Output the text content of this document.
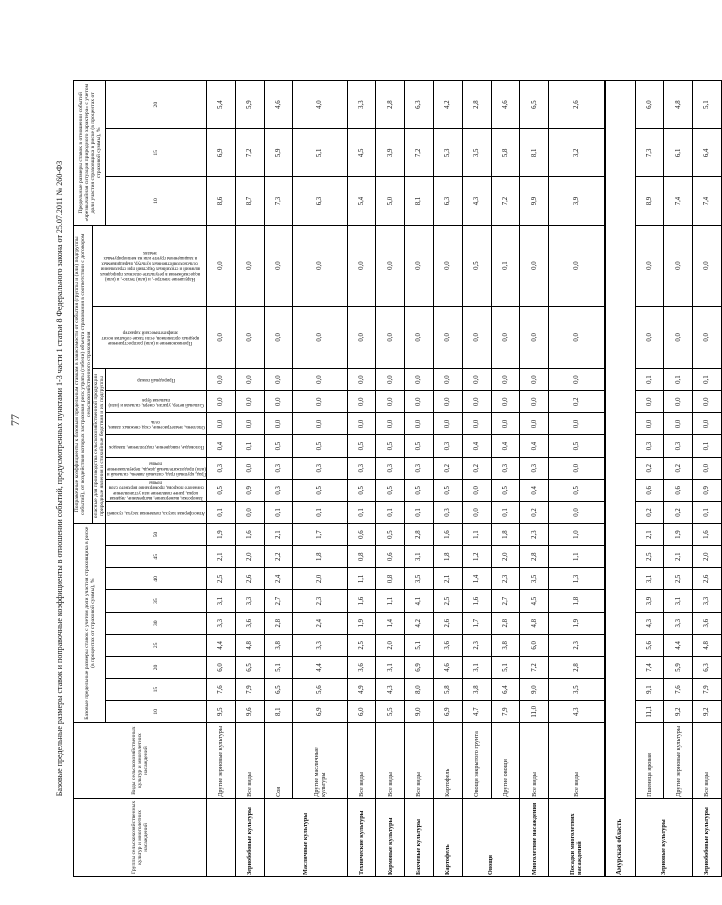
77	Базовые предельные размеры ставок и поправочные коэффициенты в отношении событий, предусмотренных пунктами 1-3 части 1 статьи 8 Федерального закона от 25.07.2011 № 260-ФЗ
Группы сельскохозяйственных культур и многолетних насаждений	Виды сельскохозяйственных культур и многолетних насаждений	Базовые предельные размеры ставок с учетом доли участия страховщика в риске (в процентах от страховой суммы), %									Поправочные коэффициенты к базовым предельным ставкам в зависимости от события (группы и (или) подгруппы событий), от воздействия которых застрахован риск утраты (гибели) объекта страхования в соответствии с договором сельскохозяйственного страхования									Предельные размеры ставок в отношении событий «чрезвычайная ситуация природного характера» с учетом доли участия страховщика в риске (в процентах от страховой суммы), %		
											опасные для производства сельскохозяйственной продукции природные явления и стихийные бедствия и их подгруппы							Проникновение и (или) распространение вредных организмов, если такие события носят эпифитотический характер	Нарушение электро-, и (или) тепло-, и (или) водоснабжения в результате опасных природных явлений и стихийных бедствий при страховании сельскохозяйственных культур, выращиваемых в защищенном грунте или на мелиорируемых землях			

											Атмосферная засуха, почвенная засуха, суховей	Заморозки, вымерзание, выпревание, ледяная корка, ранее появление или установление снежного покрова, промерзание верхнего слоя почвы	Град, крупный град, сильный ливень, сильный и (или) продолжительный дождь, переувлажнение почвы	Половодье, наводнение, подтопление, паводок	Оползень, землетрясение, сход снежных лавин, сель	Сильный ветер, ураган, смерч, сильная и (или) пыльная буря	Природный пожар					

		10	15	20	25	30	35	40	45	50										10	15	20
	Другие зерновые культуры	9,5	7,6	6,0	4,4	3,3	3,1	2,5	2,1	1,9	0,1	0,5	0,3	0,4	0,0	0,0	0,0	0,0	0,0	8,6	6,9	5,4
Зернобобовые культуры	Все виды	9,6	7,9	6,5	4,8	3,6	3,3	2,6	2,0	1,6	0,0	0,9	0,0	0,1	0,0	0,0	0,0	0,0	0,0	8,7	7,2	5,9
Масличные культуры	Соя	8,1	6,5	5,1	3,8	2,8	2,7	2,4	2,2	2,1	0,1	0,3	0,3	0,5	0,0	0,0	0,0	0,0	0,0	7,3	5,9	4,6
	Другие масличные культуры	6,9	5,6	4,4	3,3	2,4	2,3	2,0	1,8	1,7	0,1	0,5	0,3	0,5	0,0	0,0	0,0	0,0	0,0	6,3	5,1	4,0
Технические культуры	Все виды	6,0	4,9	3,6	2,5	1,9	1,6	1,1	0,8	0,6	0,1	0,5	0,3	0,5	0,0	0,0	0,0	0,0	0,0	5,4	4,5	3,3
Кормовые культуры	Все виды	5,5	4,3	3,1	2,0	1,4	1,1	0,8	0,6	0,5	0,1	0,5	0,3	0,5	0,0	0,0	0,0	0,0	0,0	5,0	3,9	2,8
Бахчевые культуры	Все виды	9,0	8,0	6,9	5,1	4,2	4,1	3,5	3,1	2,8	0,1	0,5	0,3	0,5	0,0	0,0	0,0	0,0	0,0	8,1	7,2	6,3
Картофель	Картофель	6,9	5,8	4,6	3,6	2,6	2,5	2,1	1,8	1,6	0,3	0,5	0,2	0,3	0,0	0,0	0,0	0,0	0,0	6,3	5,3	4,2
Овощи	Овощи закрытого грунта	4,7	3,8	3,1	2,3	1,7	1,6	1,4	1,2	1,1	0,0	0,0	0,2	0,4	0,0	0,0	0,0	0,0	0,5	4,3	3,5	2,8
	Другие овощи	7,9	6,4	5,1	3,8	2,8	2,7	2,3	2,0	1,8	0,1	0,5	0,3	0,4	0,0	0,0	0,0	0,0	0,1	7,2	5,8	4,6
Многолетние насаждения	Все виды	11,0	9,0	7,2	6,0	4,8	4,5	3,5	2,8	2,3	0,2	0,4	0,3	0,4	0,0	0,0	0,0	0,0	0,0	9,9	8,1	6,5
Посадки многолетних насаждений	Все виды	4,3	3,5	2,8	2,3	1,9	1,8	1,3	1,1	1,0	0,0	0,5	0,0	0,5	0,0	0,2	0,0	0,0	0,0	3,9	3,2	2,6
Амурская область																						
Зерновые культуры	Пшеница яровая	11,1	9,1	7,4	5,6	4,3	3,9	3,1	2,5	2,1	0,2	0,6	0,2	0,3	0,0	0,0	0,1	0,0	0,0	8,9	7,3	6,0
	Другие зерновые культуры	9,2	7,6	5,9	4,4	3,3	3,1	2,5	2,1	1,9	0,2	0,6	0,2	0,3	0,0	0,0	0,1	0,0	0,0	7,4	6,1	4,8
Зернобобовые культуры	Все виды	9,2	7,9	6,3	4,8	3,6	3,3	2,6	2,0	1,6	0,1	0,9	0,0	0,1	0,0	0,0	0,1	0,0	0,0	7,4	6,4	5,1
